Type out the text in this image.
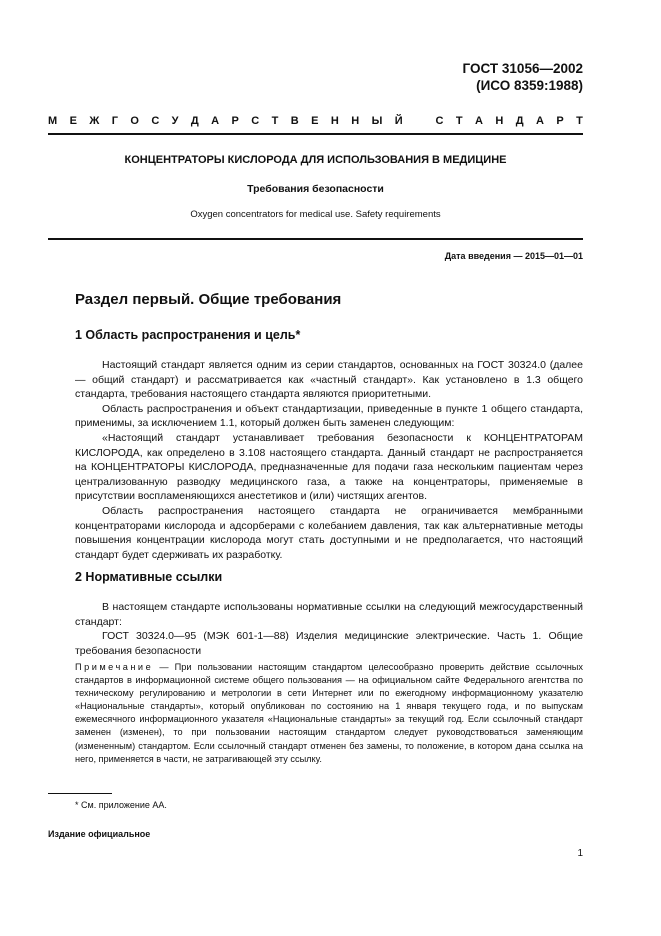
ГОСТ 31056—2002
(ИСО 8359:1988)
М Е Ж Г О С У Д А Р С Т В Е Н Н Ы Й	С Т А Н Д А Р Т
КОНЦЕНТРАТОРЫ КИСЛОРОДА ДЛЯ ИСПОЛЬЗОВАНИЯ В МЕДИЦИНЕ
Требования безопасности
Oxygen concentrators for medical use. Safety requirements
Дата введения — 2015—01—01
Раздел первый. Общие требования
1 Область распространения и цель*

Настоящий стандарт является одним из серии стандартов, основанных на ГОСТ 30324.0 (далее — общий стандарт) и рассматривается как «частный стандарт». Как установлено в 1.3 общего стандарта, требования настоящего стандарта являются приоритетными.

Область распространения и объект стандартизации, приведенные в пункте 1 общего стандарта, применимы, за исключением 1.1, который должен быть заменен следующим:

«Настоящий стандарт устанавливает требования безопасности к КОНЦЕНТРАТОРАМ КИСЛОРОДА, как определено в 3.108 настоящего стандарта. Данный стандарт не распространяется на КОНЦЕНТРАТОРЫ КИСЛОРОДА, предназначенные для подачи газа нескольким пациентам через централизованную разводку медицинского газа, а также на концентраторы, применяемые в присутствии воспламеняющихся анестетиков и (или) чистящих агентов.

Область распространения настоящего стандарта не ограничивается мембранными концентраторами кислорода и адсорберами с колебанием давления, так как альтернативные методы повышения концентрации кислорода могут стать доступными и не предполагается, что настоящий стандарт будет сдерживать их разработку.

2 Нормативные ссылки

В настоящем стандарте использованы нормативные ссылки на следующий межгосударственный стандарт:

ГОСТ 30324.0—95 (МЭК 601-1—88) Изделия медицинские электрические. Часть 1. Общие требования безопасности

Примечание — При пользовании настоящим стандартом целесообразно проверить действие ссылочных стандартов в информационной системе общего пользования — на официальном сайте Федерального агентства по техническому регулированию и метрологии в сети Интернет или по ежегодному информационному указателю «Национальные стандарты», который опубликован по состоянию на 1 января текущего года, и по выпускам ежемесячного информационного указателя «Национальные стандарты» за текущий год. Если ссылочный стандарт заменен (изменен), то при пользовании настоящим стандартом следует руководствоваться заменяющим (измененным) стандартом. Если ссылочный стандарт отменен без замены, то положение, в котором дана ссылка на него, применяется в части, не затрагивающей эту ссылку.
* См. приложение АА.
Издание официальное
1
